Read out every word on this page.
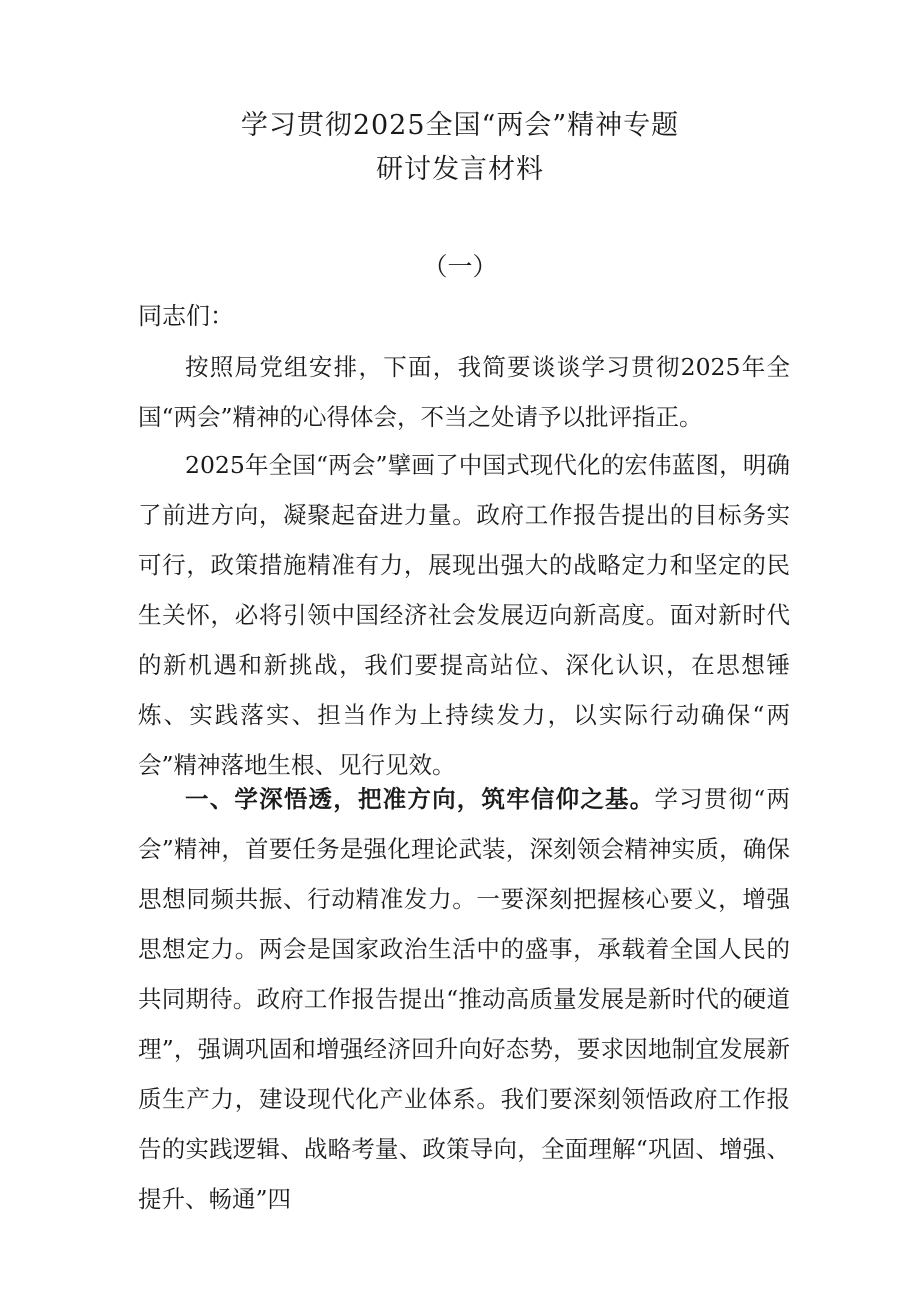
学习贯彻2025全国“两会”精神专题
研讨发言材料
（一）
同志们：

按照局党组安排，下面，我简要谈谈学习贯彻2025年全国“两会”精神的心得体会，不当之处请予以批评指正。

2025年全国“两会”擘画了中国式现代化的宏伟蓝图，明确了前进方向，凝聚起奋进力量。政府工作报告提出的目标务实可行，政策措施精准有力，展现出强大的战略定力和坚定的民生关怀，必将引领中国经济社会发展迈向新高度。面对新时代的新机遇和新挑战，我们要提高站位、深化认识，在思想锤炼、实践落实、担当作为上持续发力，以实际行动确保“两会”精神落地生根、见行见效。

一、学深悟透，把准方向，筑牢信仰之基。学习贯彻“两会”精神，首要任务是强化理论武装，深刻领会精神实质，确保思想同频共振、行动精准发力。一要深刻把握核心要义，增强思想定力。两会是国家政治生活中的盛事，承载着全国人民的共同期待。政府工作报告提出“推动高质量发展是新时代的硬道理”，强调巩固和增强经济回升向好态势，要求因地制宜发展新质生产力，建设现代化产业体系。我们要深刻领悟政府工作报告的实践逻辑、战略考量、政策导向，全面理解“巩固、增强、提升、畅通”四
